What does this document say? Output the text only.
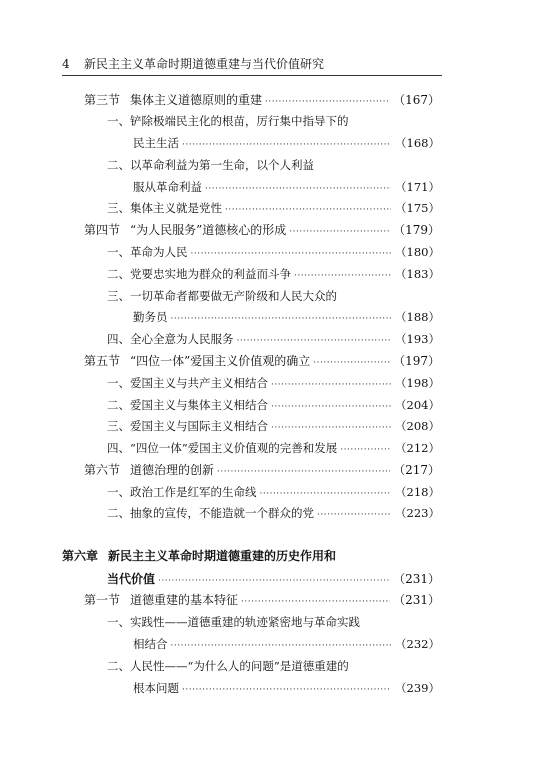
4 新民主主义革命时期道德重建与当代价值研究
第三节 集体主义道德原则的重建 ·····	（167）
一、铲除极端民主化的根苗，厉行集中指导下的
民主生活 ·····	（168）
二、以革命利益为第一生命，以个人利益
服从革命利益 ·····	（171）
三、集体主义就是党性 ·····	（175）
第四节 “为人民服务”道德核心的形成 ·····	（179）
一、革命为人民 ·····	（180）
二、党要忠实地为群众的利益而斗争 ·····	（183）
三、一切革命者都要做无产阶级和人民大众的
勤务员 ·····	（188）
四、全心全意为人民服务 ·····	（193）
第五节 “四位一体”爱国主义价值观的确立 ·····	（197）
一、爱国主义与共产主义相结合 ·····	（198）
二、爱国主义与集体主义相结合 ·····	（204）
三、爱国主义与国际主义相结合 ·····	（208）
四、“四位一体”爱国主义价值观的完善和发展 ·····	（212）
第六节 道德治理的创新 ·····	（217）
一、政治工作是红军的生命线 ·····	（218）
二、抽象的宣传，不能造就一个群众的党 ·····	（223）
第六章 新民主主义革命时期道德重建的历史作用和
当代价值 ·····	（231）
第一节 道德重建的基本特征 ·····	（231）
一、实践性——道德重建的轨迹紧密地与革命实践
相结合 ·····	（232）
二、人民性——“为什么人的问题”是道德重建的
根本问题 ·····	（239）
